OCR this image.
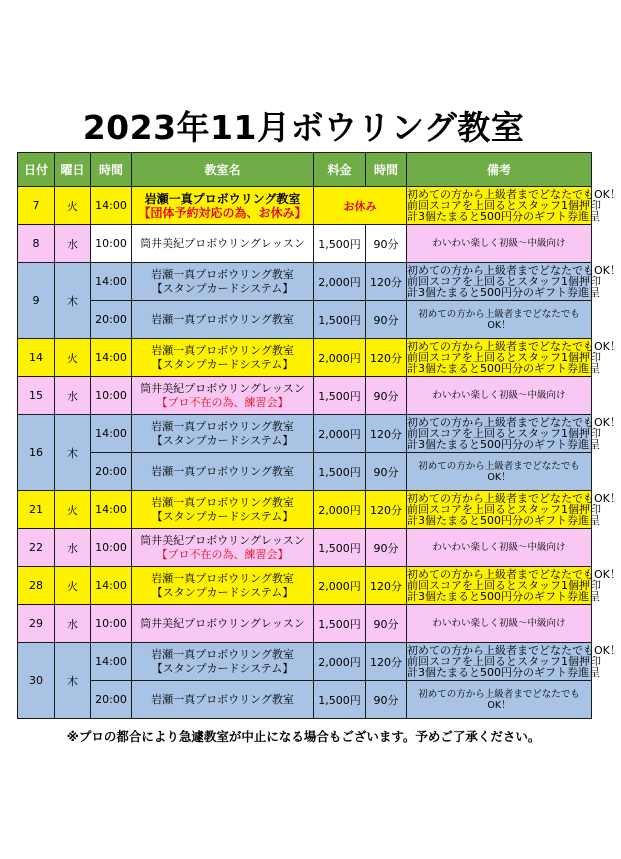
2023年11月ボウリング教室
日付	曜日	時間	教室名	料金	時間	備考
7	火	14:00	岩瀬一真プロボウリング教室
【団体予約対応の為、お休み】	お休み		初めての方から上級者までどなたでもOK！
前回スコアを上回るとスタッフ1個押印
計3個たまると500円分のギフト券進呈

8	水	10:00	筒井美紀プロボウリングレッスン	1,500円	90分	わいわい楽しく初級～中級向け
9	木	14:00	岩瀬一真プロボウリング教室
【スタンプカードシステム】	2,000円	120分	初めての方から上級者までどなたでもOK！
前回スコアを上回るとスタッフ1個押印
計3個たまると500円分のギフト券進呈

		20:00	岩瀬一真プロボウリング教室	1,500円	90分	初めての方から上級者までどなたでもOK！
14	火	14:00	岩瀬一真プロボウリング教室
【スタンプカードシステム】	2,000円	120分	初めての方から上級者までどなたでもOK！
前回スコアを上回るとスタッフ1個押印
計3個たまると500円分のギフト券進呈

15	水	10:00	筒井美紀プロボウリングレッスン
【プロ不在の為、練習会】	1,500円	90分	わいわい楽しく初級～中級向け
16	木	14:00	岩瀬一真プロボウリング教室
【スタンプカードシステム】	2,000円	120分	初めての方から上級者までどなたでもOK！
前回スコアを上回るとスタッフ1個押印
計3個たまると500円分のギフト券進呈

		20:00	岩瀬一真プロボウリング教室	1,500円	90分	初めての方から上級者までどなたでもOK！
21	火	14:00	岩瀬一真プロボウリング教室
【スタンプカードシステム】	2,000円	120分	初めての方から上級者までどなたでもOK！
前回スコアを上回るとスタッフ1個押印
計3個たまると500円分のギフト券進呈

22	水	10:00	筒井美紀プロボウリングレッスン
【プロ不在の為、練習会】	1,500円	90分	わいわい楽しく初級～中級向け
28	火	14:00	岩瀬一真プロボウリング教室
【スタンプカードシステム】	2,000円	120分	初めての方から上級者までどなたでもOK！
前回スコアを上回るとスタッフ1個押印
計3個たまると500円分のギフト券進呈

29	水	10:00	筒井美紀プロボウリングレッスン	1,500円	90分	わいわい楽しく初級～中級向け
30	木	14:00	岩瀬一真プロボウリング教室
【スタンプカードシステム】	2,000円	120分	初めての方から上級者までどなたでもOK！
前回スコアを上回るとスタッフ1個押印
計3個たまると500円分のギフト券進呈

		20:00	岩瀬一真プロボウリング教室	1,500円	90分	初めての方から上級者までどなたでもOK！
※プロの都合により急遽教室が中止になる場合もございます。予めご了承ください。
